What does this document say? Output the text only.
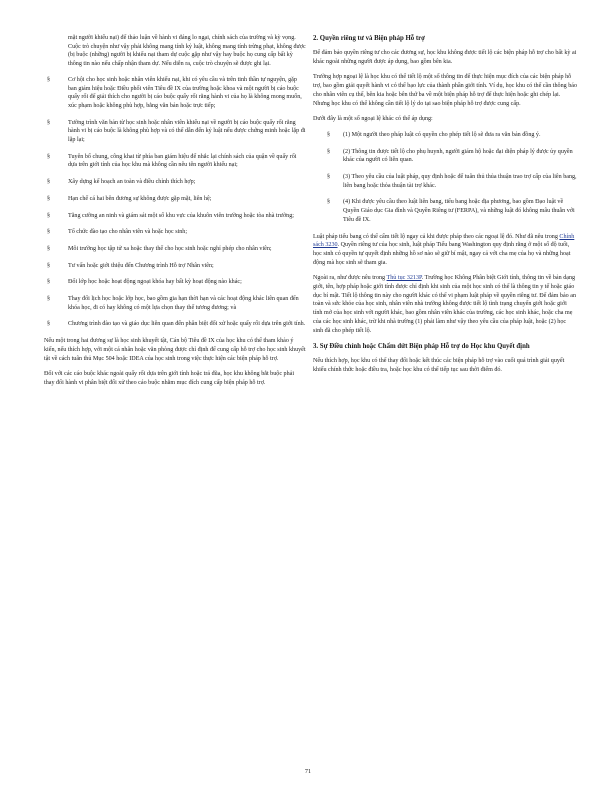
mặt người khiếu nại) để thảo luận về hành vi đáng lo ngại, chính sách của trường và kỳ vọng. Cuộc trò chuyện như vậy phải không mang tính kỷ luật, không mang tính trừng phạt, không được (bị buộc (những) người bị khiếu nại tham dự cuộc gặp như vậy hay buộc họ cung cấp bất kỳ thông tin nào nếu chấp nhận tham dự. Nếu diễn ra, cuộc trò chuyện sẽ được ghi lại.

§	Cơ hội cho học sinh hoặc nhân viên khiếu nại, khi có yêu cầu và trên tinh thần tự nguyện, gặp ban giám hiệu hoặc Điều phối viên Tiêu đề IX của trường hoặc khoa và một người bị cáo buộc quấy rối để giải thích cho người bị cáo buộc quấy rối rằng hành vi của họ là không mong muốn, xúc phạm hoặc không phù hợp, bằng văn bản hoặc trực tiếp;
§	Tường trình văn bản từ học sinh hoặc nhân viên khiếu nại về người bị cáo buộc quấy rối rằng hành vi bị cáo buộc là không phù hợp và có thể dẫn đến kỷ luật nếu được chứng minh hoặc lặp đi lặp lại;
§	Tuyên bố chung, công khai từ phía ban giám hiệu để nhắc lại chính sách của quận về quấy rối dựa trên giới tính của học khu mà không cần nêu tên người khiếu nại;
§	Xây dựng kế hoạch an toàn và điều chỉnh thích hợp;
§	Hạn chế cá hai bên đương sự không được gặp mặt, liên hệ;
§	Tăng cường an ninh và giám sát một số khu vực của khuôn viên trường hoặc tòa nhà trường;
§	Tổ chức đào tạo cho nhân viên và hoặc học sinh;
§	Môi trường học tập tử xa hoặc thay thế cho học sinh hoặc nghỉ phép cho nhân viên;
§	Tư vấn hoặc giới thiệu đến Chương trình Hỗ trợ Nhân viên;
§	Đổi lớp học hoặc hoạt động ngoại khóa hay bất kỳ hoạt động nào khác;
§	Thay đổi lịch học hoặc lớp học, bao gồm gia hạn thời hạn và các hoạt động khác liên quan đến khóa học, đi có hay không có một lựa chọn thay thế tương đương; và
§	Chương trình đào tạo và giáo dục liên quan đến phân biệt đối xử hoặc quấy rối dựa trên giới tính.

Nếu một trong hai đương sự là học sinh khuyết tật, Cán bộ Tiêu đề IX của học khu có thể tham khảo ý kiến, nếu thích hợp, với một cá nhân hoặc văn phòng được chỉ định để cung cấp hỗ trợ cho học sinh khuyết tật về cách tuân thủ Mục 504 hoặc IDEA của học sinh trong việc thực hiện các biện pháp hỗ trợ.

Đối với các cáo buộc khác ngoài quấy rối dựa trên giới tính hoặc trả đũa, học khu không bắt buộc phải thay đổi hành vi phân biệt đối xử theo cáo buộc nhằm mục đích cung cấp biện pháp hỗ trợ.

2. Quyền riêng tư và Biện pháp Hỗ trợ

Để đảm bảo quyền riêng tư cho các đương sự, học khu không được tiết lộ các biện pháp hỗ trợ cho bất kỳ ai khác ngoài những người được áp dụng, bao gồm bên kia.

Trường hợp ngoại lệ là học khu có thể tiết lộ một số thông tin để thực hiện mục đích của các biện pháp hỗ trợ, bao gồm giải quyết hành vi có thể bạo lực của thành phần giới tính. Ví dụ, học khu có thể cần thông báo cho nhân viên cụ thể, bên kia hoặc bên thứ ba về một biện pháp hỗ trợ để thực hiện hoặc ghi chép lại. Nhưng học khu có thể không cần tiết lộ lý do tại sao biện pháp hỗ trợ được cung cấp.

Dưới đây là một số ngoại lệ khác có thể áp dụng:

§ (1) Một người theo pháp luật có quyền cho phép tiết lộ sẽ đưa ra văn bản đồng ý.
§ (2) Thông tin được tiết lộ cho phụ huynh, người giám hộ hoặc đại diện pháp lý được ủy quyền khác của người có liên quan.
§ (3) Theo yêu cầu của luật pháp, quy định hoặc để tuân thủ thủa thuận trao trợ cấp của liên bang, liên bang hoặc thỏa thuận tài trợ khác.
§ (4) Khi được yêu cầu theo luật liên bang, tiểu bang hoặc địa phương, bao gồm Đạo luật về Quyền Giáo dục Gia đình và Quyền Riêng tư (FERPA), và những luật đó không mâu thuẫn với Tiêu đề IX.

Luật pháp tiểu bang có thể cấm tiết lộ ngay cả khi được pháp theo các ngoại lệ đó. Như đã nêu trong Chính sách 3230. Quyền riêng tư của học sinh, luật pháp Tiểu bang Washington quy định rằng ở một số độ tuổi, học sinh có quyền tự quyết định những hồ sơ nào sẽ giữ bí mật, ngay cả với cha mẹ của họ và những hoạt động mà học sinh sẽ tham gia.

Ngoài ra, như được nêu trong Thủ tục 3213P. Trường học Không Phân biệt Giới tính, thông tin về bản dạng giới, tên, hợp pháp hoặc giới tính được chỉ định khi sinh của một học sinh có thể là thông tin y tế hoặc giáo dục bí mật. Tiết lộ thông tin này cho người khác có thể vi phạm luật pháp về quyền riêng tư. Để đảm bảo an toàn và sức khỏe của học sinh, nhân viên nhà trường không được tiết lộ tình trạng chuyển giới hoặc giới tính mở của học sinh với người khác, bao gồm nhân viên khác của trường, các học sinh khác, hoặc cha mẹ của các học sinh khác, trừ khi nhà trường (1) phải làm như vậy theo yêu cầu của pháp luật, hoặc (2) học sinh đã cho phép tiết lộ.

3. Sự Điều chỉnh hoặc Chấm dứt Biện pháp Hỗ trợ do Học khu Quyết định

Nếu thích hợp, học khu có thể thay đổi hoặc kết thúc các biện pháp hỗ trợ vào cuối quá trình giải quyết khiếu chính thức hoặc điều tra, hoặc học khu có thể tiếp tục sau thời điểm đó.

71
